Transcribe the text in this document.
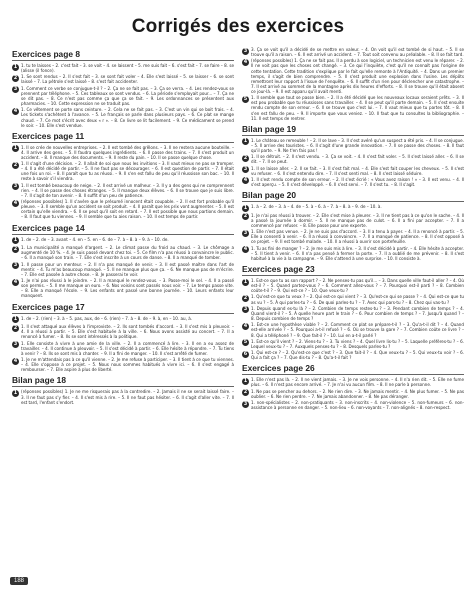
Corrigés des exercices
Exercices page 8
1 1. tu te laisses – 2. c'est fait – 3. se voit – 4. se laissent – 5. me suis fait – 6. s'est fait – 7. se faire – 8. se (alisse (il fonce).
2 1. Se sont rendus – 2. Il s'est fait – 3. se sont fait voler – 4. Elle s'est laissé – 5. se laisser – 6. se sont laissé – 7. La pétrole s'est laissé – 8. s'est fait accidenter.
3 1. Comment ce verbe se conjugue-t-il ? – 2. Ça ne se fait pas. – 3. Ça se verra. – 4. Les rendez-vous se prennent par téléphone. – 5. Ces tableaux se sont vendus. – 6. La période s'employait pour... – 7. Ça ne se dit pas. – 8. Ce n'est pas comme ça que ça se fait. – 9. Les ordonnances se présentent aux pharmacies. – 10. Cette expression ne se traduit pas.
4 1. Ce vêtement se porte sans ceinture. – 2. Cela ne se fait pas. – 3. C'est un vin qui se boit frais. – 4. Les tickets s'achètent à l'avance. – 5. Le français se parle dans plusieurs pays. – 6. Ce plat se mange chaud. – 7. Ce mot s'écrit avec deux « r ». – 8. Ce livre se lit facilement. – 9. Ce médicament se prend le soir. – 10. Elle s'est vendue.
Exercices page 11
1 1. Il se crée de nouvelles entreprises. – 2. Il est tombé des grêlons. – 3. Il ne restera aucune bouteille. – 4. Il arrive des gens. – 5. Il faudra quelques ingrédients. – 6. Il passe des trains. – 7. Il s'est produit un accident. – 8. Il manque des documents. – 9. Il reste du pain. – 10. Il se passe quelque chose.
2 1. Il s'agit d'une décision. – 2. Il allait de soi que nous les invitions – 3. Il vaut mieux ne pas se tromper. – 4. Il a été décidé de partir. – 5. Il ne faut pas se décourager. – 6. Il est question de partir. – 7. Il était une fois un roi. – 8. Il paraît que tu as réussi. – 9. Il s'en est fallu de peu qu'il réussisse son bac. – 10. Il reste à savoir s'il viendra.
3 1. Il est tombé beaucoup de neige. – 2. Il est arrivé un malheur. – 3. Il y a des gens qui ne comprennent rien. – 4. Il se passe des choses étranges. – 5. Il manque deux élèves. – 6. Il se trouve que je suis libre. – 7. Il s'agit de ton avenir. – 8. Il suffit d'un peu de patience.
4 (réponses possibles) 1. Il s'avère que le présumé innocent était coupable. – 2. Il est fort probable qu'il pleuve. – 3. Il semble qu'un accident se soit produit. – 4. Il paraît que les prix vont augmenter. – 5. Il est certain qu'elle viendra. – 6. Il se peut qu'il soit en retard. – 7. Il est possible que nous partions demain. – 8. Il faut que tu viennes. – 9. Il semble que tu aies raison. – 10. Il est temps de partir.
Exercices page 14
1 1. de – 2. de – 3. avant – 4. en – 5. en – 6. de – 7. à – 8. à – 9. à – 10. de.
2 1. La municipalité a manqué d'argent. – 2. Le climat passe du froid au chaud. – 3. Le chômage a augmenté de 10 %. – 4. Je suis passé devant chez toi. – 5. Ce film n'a pas réussi à convaincre le public. – 6. Il a manqué son train. – 7. Elle s'est inscrite à un cours de danse. – 8. Il a manqué de tomber.
3 1. Il passe pour un menteur. – 2. Il n'a pas manqué de venir. – 3. Il est passé maître dans l'art de mentir. – 4. Tu m'as beaucoup manqué. – 5. Il ne manque plus que ça. – 6. Ne manque pas de m'écrire. – 7. Elle est passée à autre chose. – 8. Je passerai te voir.
4 1. Je n'ai pas réussi à le joindre. – 2. Il a manqué le rendez-vous. – 3. Passe-moi le sel. – 4. Il a passé son permis. – 5. Il me manque un euro. – 6. Nos voisins sont passés nous voir. – 7. Le temps passe vite. – 8. Elle a manqué l'école. – 9. Les enfants ont passé une bonne journée. – 10. Leurs enfants leur manquent.
Exercices page 17
1 1. de – 2. (rien) – 3. à – 5. pas, aux, de – 6. (rien) – 7. à – 8. de – 9. à, en – 10. au, à.
2 1. Il s'est attaqué aux élèves à l'improviste. – 2. Ils sont tombés d'accord. – 3. Il s'est mis à pleuvoir. – 4. Il a réussi à partir. – 5. Elle s'est habituée à la ville. – 6. Nous avons assisté au concert. – 7. Il a renoncé à fumer. – 8. Ils se sont intéressés à la politique.
3 1. Elle consiste à vivre à une amie de la ville. – 2. Il a commencé à lire. – 3. Il en a eu assez de travailler. – 4. Il continue à pleuvoir. – 5. Il s'est décidé à partir. – 6. Elle hésite à répondre. – 7. Tu tiens à venir ? – 8. Ils se sont mis à chanter. – 9. Il a fini de manger. – 10. Il s'est arrêté de fumer.
4 1. Je ne m'attendais pas à ce qu'il vienne. – 2. Je me refuse à participer. – 3. Il tient à ce que tu viennes. – 4. Elle s'oppose à ce projet. – 5. Nous nous sommes habitués à vivre ici. – 6. Il s'est engagé à rembourser. – 7. Elle aspire à plus de liberté.
Bilan page 18
1 (réponses possibles) 1. Je ne me risquerais pas à la contredire. – 2. Jamais il ne se serait laissé faire. – 3. Il ne faut pas s'y fier. – 4. Il s'est mis à rire. – 5. Il ne faut pas hésiter. – 6. Il s'agit d'aller vite. – 7. Il est tard, l'enfant s'endort.
3 3. Ça se voit qu'il a décidé de se mettre en valeur. – 4. On voit qu'il est tombé de si haut. – 5. Il se trouve qu'il a raison. – 6. Il est arrivé un accident. – 7. Tout soit convenu au préalable. – 8. Il se fait tard.
4 (réponses possibles) 1. Ça ne se fait pas. Il a perdu à son logiciel, un technicien est venu le réparer. – 2. Il ne voit pas que les choses ont changé. – 3. Ce qui l'inquiète, c'est qu'il ne connaît pas l'origine de cette tentation. Cette tradition s'explique par le fait qu'elle remonte à l'Antiquité. – 4. Dans un premier temps, il s'agit de bien comprendre. – 5. Il s'est produit une explosion dans l'usine. Les dépôts remettront leur rapport à l'issue de l'enquête. – 6. Il suffit d'un rien pour déclencher une catastrophe. – 7. Il est arrivé au sommet de la montagne après dix heures d'efforts. – 8. Il se trouve qu'il était absent ce jour-là. – 9. Il est apparu qu'il avait menti.
5 1. Il semble que tout se passe bien. – 2. Il a été décidé que les nouveaux locaux seraient prêts. – 3. Il est peu probable que tu réussisses sans travailler. – 4. Il se peut qu'il parte demain. – 5. Il s'est ensuite rendu compte de son erreur. – 6. Il se trouve que c'est lui. – 7. Il vaut mieux que tu partes tôt. – 8. Il s'en est fallu de peu. – 9. Il importe que vous veniez. – 10. Il faut que tu consultes la bibliographie. – 11. Il est temps de rentrer.
Bilan page 19
1 1. Le château se remeuble ! – 2. Il se lave – 3. Il s'est avéré qu'un suspect a été pris. – 4. Il se conjugue. – 5. Il arrive des touristes. – 6. Il s'agit d'une grande innovation. – 7. Il se passe des choses. – 8. Il faut qu'il parte. – 9. Ne t'en fais pas !
2 1. Il se détruit. – 2. Il s'est vendu. – 3. Ça se voit. – 4. Il s'est fait voler. – 5. Il s'est laissé aller. – 6. Il se dit. – 7. Il se peut.
3 1. Il se laisse aller. – 2. Il se fait. – 3. Il s'est fait mal. – 4. Elle s'est fait couper les cheveux. – 5. Il s'est vu refuser. – 6. Il s'est entendu dire. – 7. Il s'est senti mal. – 8. Il s'est laissé séduire.
4 1. Il s'est rendu compte de son erreur. – 2. Il s'est écrié : « Vous avez raison ! » – 3. Il est venu. – 4. Il s'est aperçu. – 5. Il s'est développé. – 6. Il s'est servi. – 7. Il s'est tu. – 8. Il s'agit.
Bilan page 20
1 1. à – 2. de – 3. à – 4. de – 5. à – 6. à – 7. à – 8. à – 9. de – 10. à.
2 1. Je n'ai pas réussi à trouver. – 2. Elle s'est mise à pleurer. – 3. Il ne tient pas à ce qu'on le sache. – 4. Il a passé la journée à dormir. – 5. Il ne manque pas de culot. – 6. Il a fini par accepter. – 7. Il a commencé par refuser. – 8. Elle passe pour une experte.
3 1. Elle n'est pas venue. – 2. Je ne suis pas d'accord. – 3. Il a tenu à payer. – 4. Il a renoncé à partir. – 5. Elle a consenti à venir. – 6. Il a réussi à convaincre. – 7. Il a manqué de patience. – 8. Il s'est opposé à ce projet. – 9. Il est tombé malade. – 10. Il a réussi à ouvrir son portefeuille.
4 1. Tu as fini de manger ? – 2. Je me suis mis à lire. – 3. Il s'est décidé à partir. – 4. Elle hésite à accepter. – 5. Il tient à venir. – 6. Il n'a pas pensé à fermer la porte. – 7. Il a oublié de me prévenir. – 8. Il s'est habitué à la vie à la campagne. – 9. Elle s'attend à une surprise. – 10. Il consiste à.
Exercices page 23
1 1. Est-ce que tu as son rapport ? – 2. Ne penses-tu pas qu'il... – 3. Dans quelle ville faut-il aller ? – 4. Où est-il ? – 5. Quand partez-vous ? – 6. Comment allez-vous ? – 7. Pourquoi est-il parti ? – 8. Combien coûte-t-il ? – 9. Qui est-ce ? – 10. Que veux-tu ?
2 1. Qu'est-ce que tu veux ? – 2. Qui est-ce qui vient ? – 3. Qu'est-ce qui se passe ? – 4. Qui est-ce que tu as vu ? – 5. À qui parles-tu ? – 6. De quoi parles-tu ? – 7. Avec qui pars-tu ? – 8. Chez qui vas-tu ?
3 1. Depuis quand es-tu là ? – 2. Combien de temps restes-tu ? – 3. Pendant combien de temps ? – 4. Quand vient-il ? – 5. À quelle heure part le train ? – 6. Pour combien de temps ? – 7. Jusqu'à quand ? – 8. Depuis combien de temps ?
4 1. Est-ce une hypothèse viable ? – 2. Comment ce plat se prépare-t-il ? – 3. Qu'a-t-il dit ? – 4. Quand est-elle arrivée ? – 5. Pourquoi a-t-il refusé ? – 6. Où se trouve la gare ? – 7. Combien coûte ce livre ? – 8. Qui a téléphoné ? – 9. Que fait-il ? – 10. Lui en a-t-il parlé ?
5 1. Est-ce qu'il vient ? – 2. Viens-tu ? – 3. Tu viens ? – 4. Quel livre lis-tu ? – 5. Laquelle préfères-tu ? – 6. Lequel veux-tu ? – 7. Auxquels penses-tu ? – 8. Desquels parles-tu ?
6 1. Qui est-ce ? – 2. Qu'est-ce que c'est ? – 3. Que fait-il ? – 4. Que veux-tu ? – 5. Qui veux-tu voir ? – 6. Qui a fait ça ? – 7. Que dis-tu ? – 8. Qu'a-t-il fait ?
Exercices page 26
1 1. Elle n'est pas là. – 2. Il ne vient jamais. – 3. Je ne vois personne. – 4. Il n'a rien dit. – 5. Elle ne fume plus. – 6. Il n'est pas encore arrivé. – 7. Je n'ai vu aucun film. – 8. Il ne parle à personne.
2 1. Ne pas se pencher au dehors. – 2. Ne rien dire. – 3. Ne jamais mentir. – 4. Ne plus fumer. – 5. Ne pas oublier. – 6. Ne rien perdre. – 7. Ne jamais abandonner. – 8. Ne pas déranger.
3 1. non-spécialistes – 2. non-pratiquants – 3. non-inscrits – 4. non-violence – 5. non-fumeurs – 6. non-assistance à personne en danger. – 5. non-lieu – 6. non-voyants – 7. non-alignés – 8. non-respect.
188
